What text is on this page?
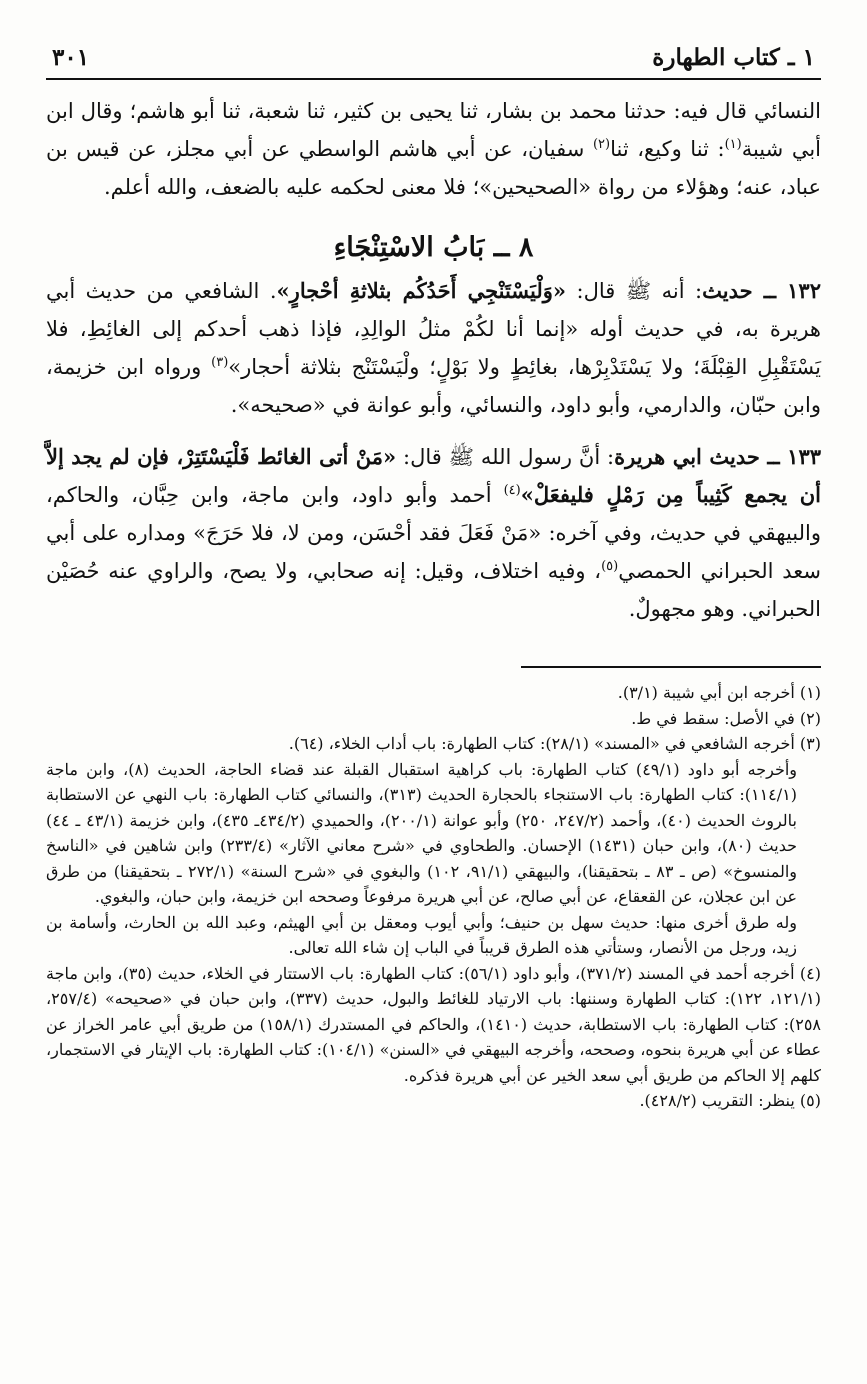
١ ـ كتاب الطهارة
٣٠١

النسائي قال فيه: حدثنا محمد بن بشار، ثنا يحيى بن كثير، ثنا شعبة، ثنا أبو هاشم؛ وقال ابن أبي شيبة$^{(١)}$: ثنا وكيع، ثنا$^{(٢)}$ سفيان، عن أبي هاشم الواسطي عن أبي مجلز، عن قيس بن عباد، عنه؛ وهؤلاء من رواة «الصحيحين»؛ فلا معنى لحكمه عليه بالضعف، والله أعلم.

٨ ــ بَابُ الاسْتِنْجَاءِ

١٣٢ ــ حديث: أنه ﷺ قال: «وَلْيَسْتَنْجِي أَحَدُكُم بثلاثةِ أحْجارٍ». الشافعي من حديث أبي هريرة به، في حديث أوله «إنما أنا لكُمْ مثلُ الوالِدِ، فإذا ذهب أحدكم إلى الغائِطِ، فلا يَسْتَقْبِلِ القِبْلَةَ؛ ولا يَسْتَدْبِرْها، بغائِطٍ ولا بَوْلٍ؛ ولْيَسْتَنْج بثلاثة أحجار»$^{(٣)}$ ورواه ابن خزيمة، وابن حبّان، والدارمي، وأبو داود، والنسائي، وأبو عوانة في «صحيحه».

١٣٣ ــ حديث ابي هريرة: أنَّ رسول الله ﷺ قال: «مَنْ أتى الغائط فَلْيَسْتَتِرْ، فإن لم يجد إلاَّ أن يجمع كَثِيباً مِن رَمْلٍ فليفعَلْ»$^{(٤)}$ أحمد وأبو داود، وابن ماجة، وابن حِبَّان، والحاكم، والبيهقي في حديث، وفي آخره: «مَنْ فَعَلَ فقد أحْسَن، ومن لا، فلا حَرَجَ» ومداره على أبي سعد الحبراني الحمصي$^{(٥)}$، وفيه اختلاف، وقيل: إنه صحابي، ولا يصح، والراوي عنه حُصَيْن الحبراني. وهو مجهولٌ.

(١) أخرجه ابن أبي شيبة (٣/١).

(٢) في الأصل: سقط في ط.

(٣) أخرجه الشافعي في «المسند» (٢٨/١): كتاب الطهارة: باب أداب الخلاء، (٦٤).

وأخرجه أبو داود (٤٩/١) كتاب الطهارة: باب كراهية استقبال القبلة عند قضاء الحاجة، الحديث (٨)، وابن ماجة (١١٤/١): كتاب الطهارة: باب الاستنجاء بالحجارة الحديث (٣١٣)، والنسائي كتاب الطهارة: باب النهي عن الاستطابة بالروث الحديث (٤٠)، وأحمد (٢٤٧/٢، ٢٥٠) وأبو عوانة (٢٠٠/١)، والحميدي (٤٣٤/٢ـ ٤٣٥)، وابن خزيمة (٤٣/١ ـ ٤٤) حديث (٨٠)، وابن حبان (١٤٣١) الإحسان. والطحاوي في «شرح معاني الآثار» (٢٣٣/٤) وابن شاهين في «الناسخ والمنسوخ» (ص ـ ٨٣ ـ بتحقيقنا)، والبيهقي (٩١/١، ١٠٢) والبغوي في «شرح السنة» (٢٧٢/١ ـ بتحقيقنا) من طرق عن ابن عجلان، عن القعقاع، عن أبي صالح، عن أبي هريرة مرفوعاً وصححه ابن خزيمة، وابن حبان، والبغوي.

وله طرق أخرى منها: حديث سهل بن حنيف؛ وأبي أيوب ومعقل بن أبي الهيثم، وعبد الله بن الحارث، وأسامة بن زيد، ورجل من الأنصار، وستأتي هذه الطرق قريباً في الباب إن شاء الله تعالى.

(٤) أخرجه أحمد في المسند (٣٧١/٢)، وأبو داود (٥٦/١): كتاب الطهارة: باب الاستتار في الخلاء، حديث (٣٥)، وابن ماجة (١٢١/١، ١٢٢): كتاب الطهارة وسننها: باب الارتياد للغائط والبول، حديث (٣٣٧)، وابن حبان في «صحيحه» (٢٥٧/٤، ٢٥٨): كتاب الطهارة: باب الاستطابة، حديث (١٤١٠)، والحاكم في المستدرك (١٥٨/١) من طريق أبي عامر الخراز عن عطاء عن أبي هريرة بنحوه، وصححه، وأخرجه البيهقي في «السنن» (١٠٤/١): كتاب الطهارة: باب الإيتار في الاستجمار، كلهم إلا الحاكم من طريق أبي سعد الخير عن أبي هريرة فذكره.

(٥) ينظر: التقريب (٤٢٨/٢).
